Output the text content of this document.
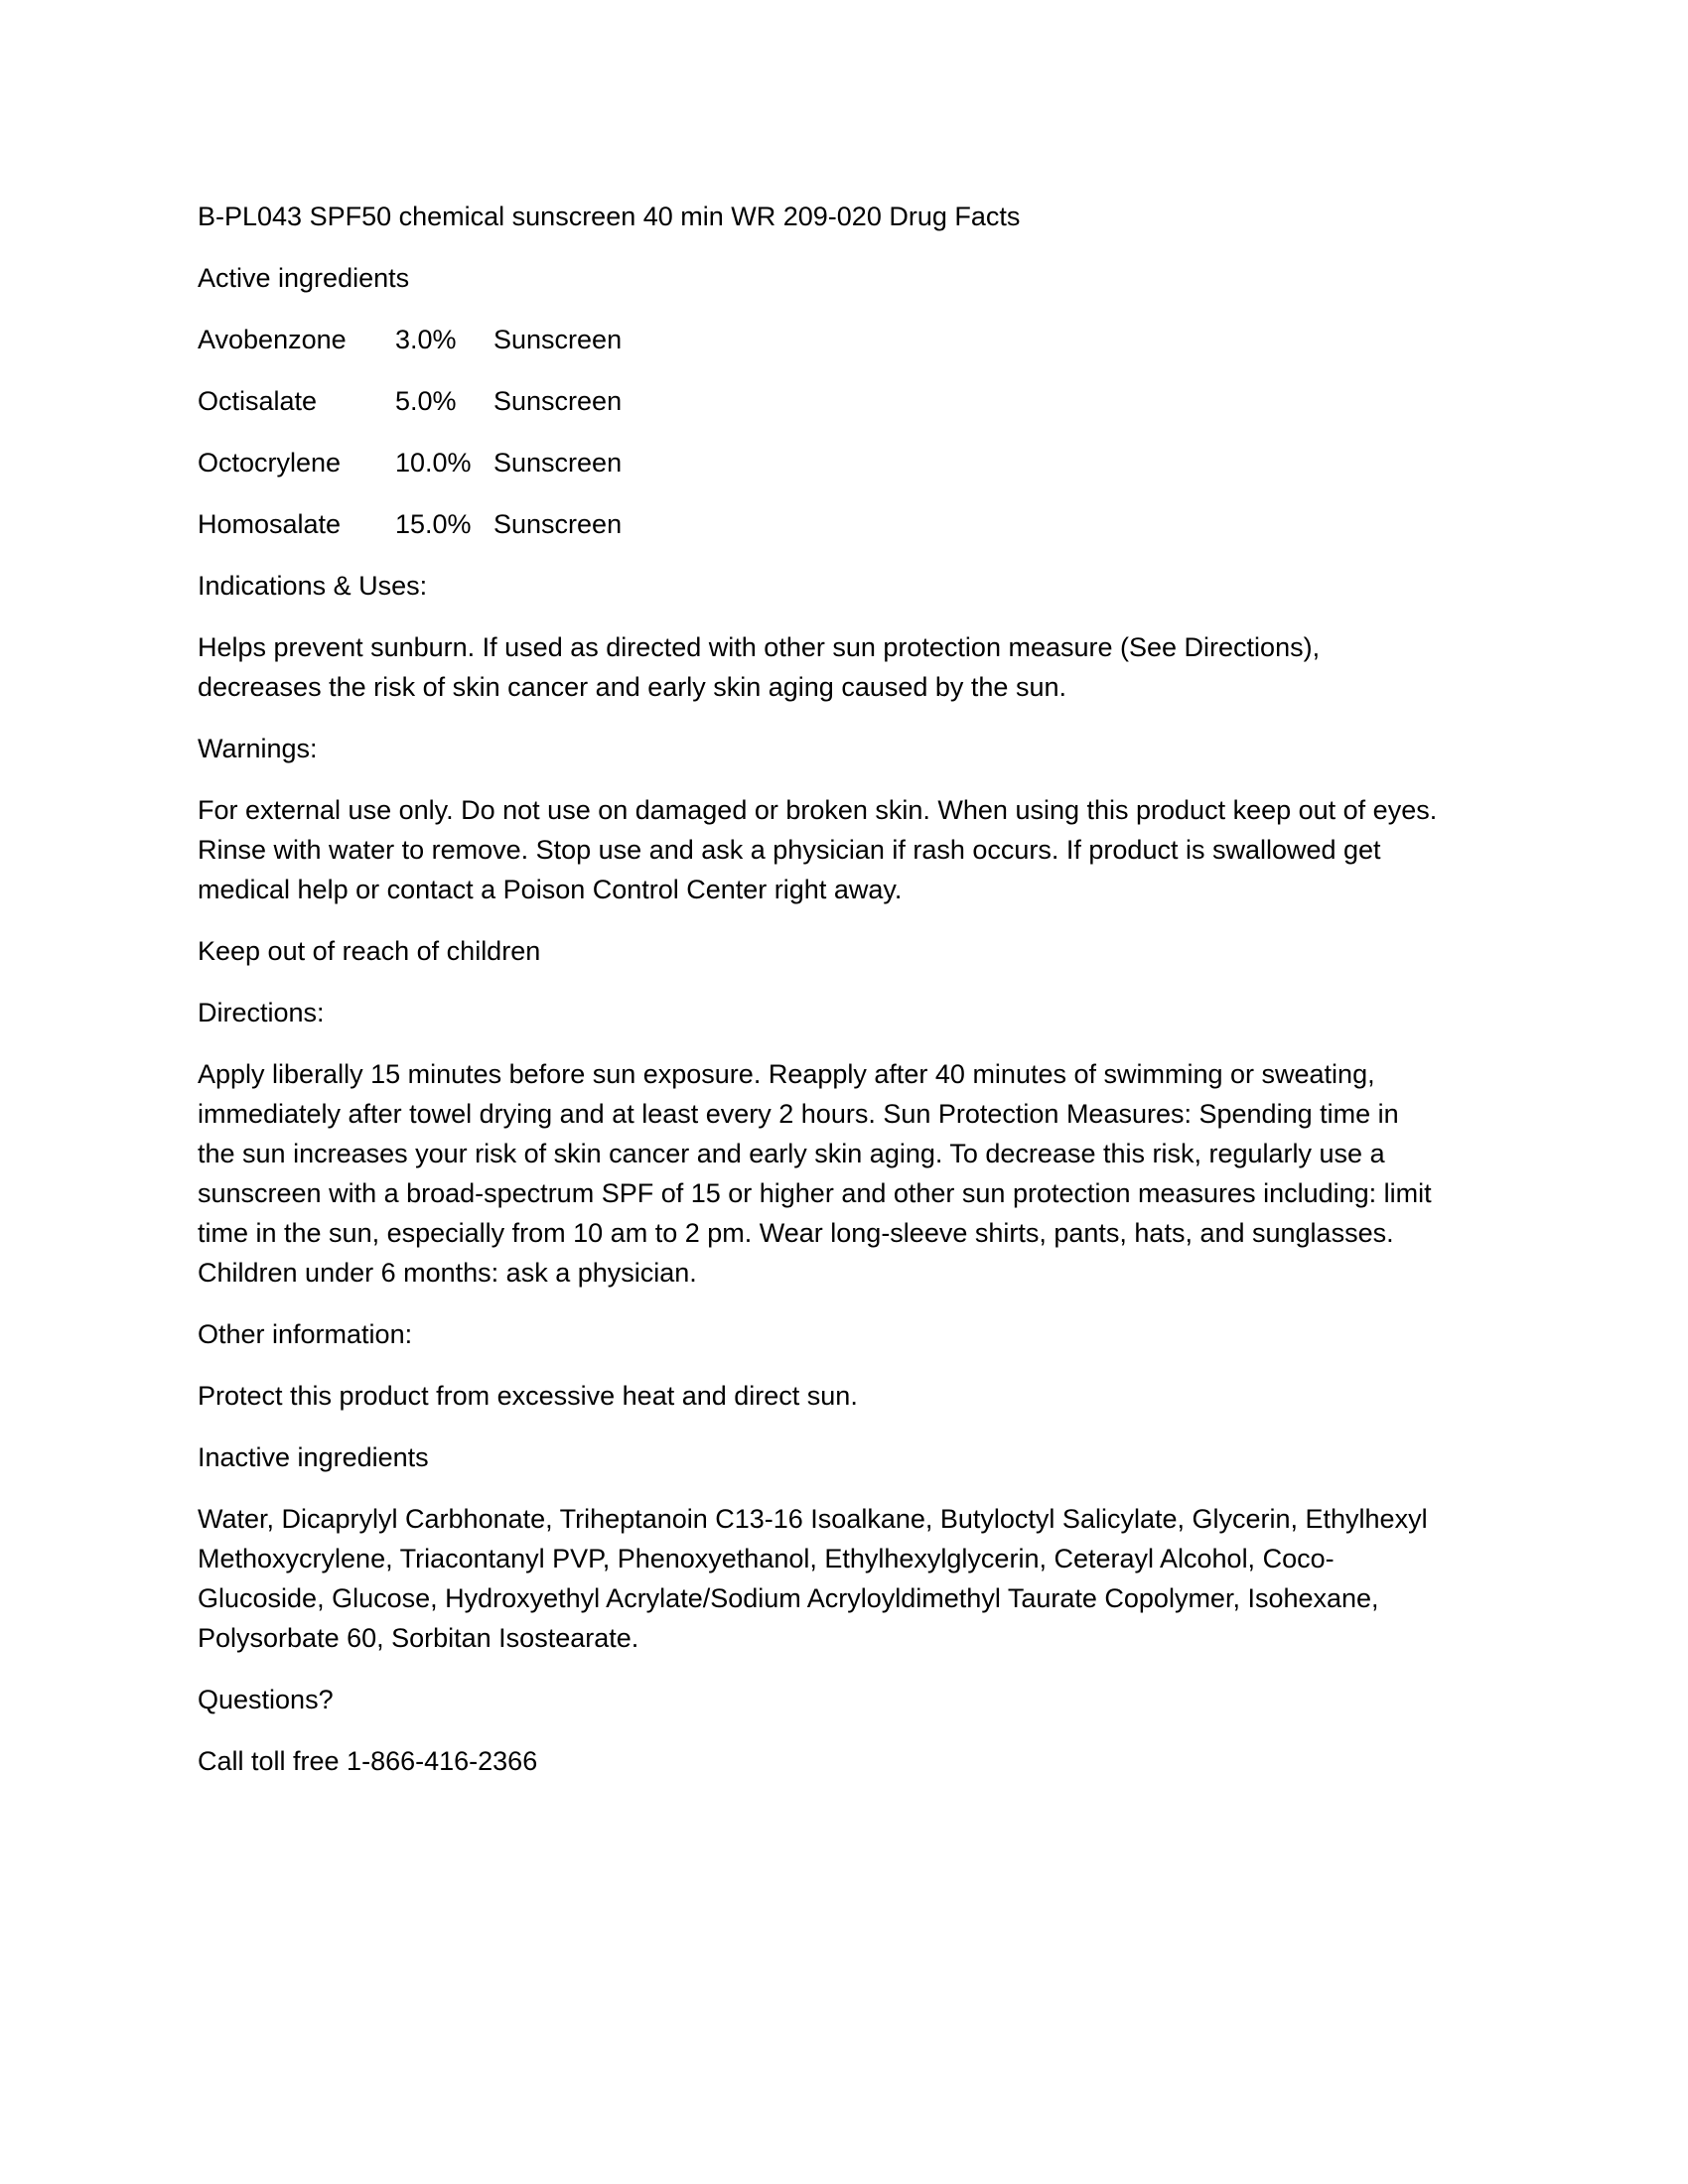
B-PL043 SPF50 chemical sunscreen 40 min WR 209-020 Drug Facts
Active ingredients
Avobenzone	3.0%	Sunscreen
Octisalate	5.0%	Sunscreen
Octocrylene	10.0% Sunscreen
Homosalate	15.0% Sunscreen
Indications & Uses:
Helps prevent sunburn. If used as directed with other sun protection measure (See Directions),
decreases the risk of skin cancer and early skin aging caused by the sun.
Warnings:
For external use only. Do not use on damaged or broken skin. When using this product keep out of eyes.
Rinse with water to remove. Stop use and ask a physician if rash occurs. If product is swallowed get
medical help or contact a Poison Control Center right away.
Keep out of reach of children
Directions:
Apply liberally 15 minutes before sun exposure. Reapply after 40 minutes of swimming or sweating,
immediately after towel drying and at least every 2 hours. Sun Protection Measures: Spending time in
the sun increases your risk of skin cancer and early skin aging. To decrease this risk, regularly use a
sunscreen with a broad-spectrum SPF of 15 or higher and other sun protection measures including: limit
time in the sun, especially from 10 am to 2 pm. Wear long-sleeve shirts, pants, hats, and sunglasses.
Children under 6 months: ask a physician.
Other information:
Protect this product from excessive heat and direct sun.
Inactive ingredients
Water, Dicaprylyl Carbhonate, Triheptanoin C13-16 Isoalkane, Butyloctyl Salicylate, Glycerin, Ethylhexyl
Methoxycrylene, Triacontanyl PVP, Phenoxyethanol, Ethylhexylglycerin, Ceterayl Alcohol, Coco-
Glucoside, Glucose, Hydroxyethyl Acrylate/Sodium Acryloyldimethyl Taurate Copolymer, Isohexane,
Polysorbate 60, Sorbitan Isostearate.
Questions?
Call toll free 1-866-416-2366
